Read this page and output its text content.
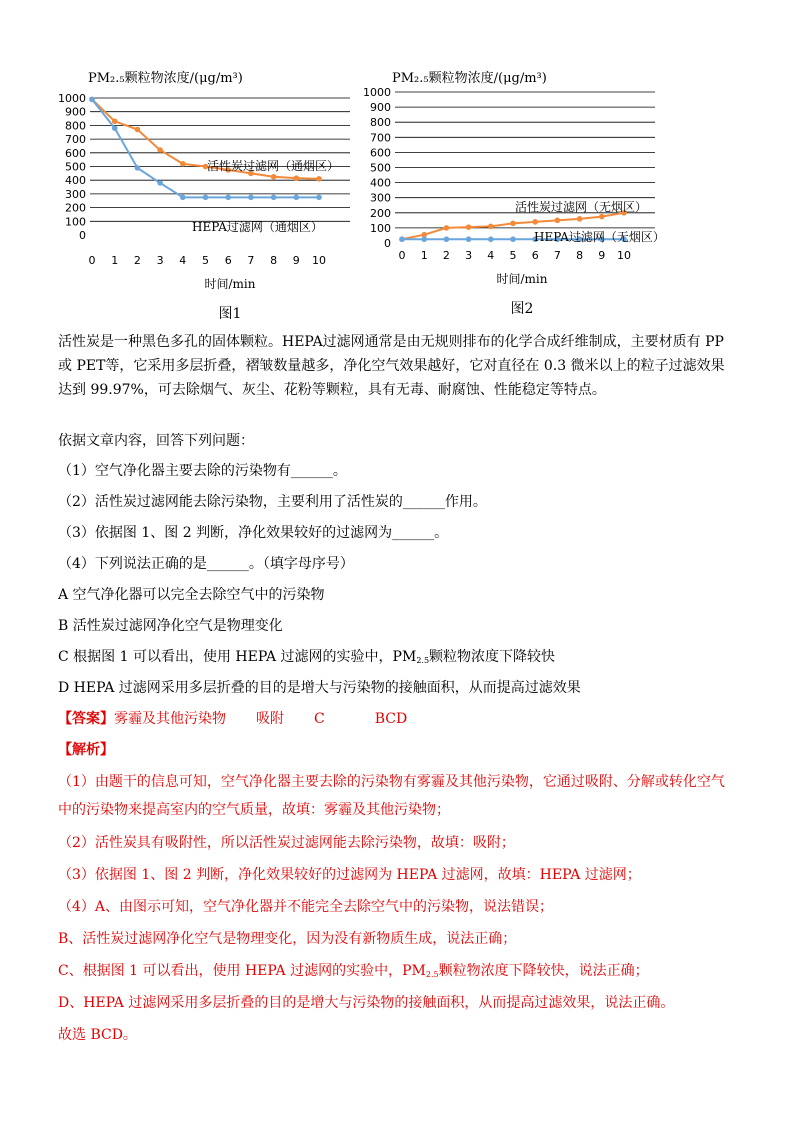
PM₂.₅颗粒物浓度/(μg/m³)
0
100
200
300
400
500
600
700
800
900
1000
0 1 2 3 4 5 6 7 8 9 10
时间/min
图1
活性炭过滤网（通烟区）
HEPA过滤网（通烟区）
PM₂.₅颗粒物浓度/(μg/m³)
0
100
200
300
400
500
600
700
800
900
1000
0 1 2 3 4 5 6 7 8 9 10
时间/min
图2
活性炭过滤网（无烟区）
HEPA过滤网（无烟区）
活性炭是一种黑色多孔的固体颗粒。HEPA过滤网通常是由无规则排布的化学合成纤维制成，主要材质有 PP 或 PET等，它采用多层折叠，褶皱数量越多，净化空气效果越好，它对直径在 0.3 微米以上的粒子过滤效果达到 99.97%，可去除烟气、灰尘、花粉等颗粒，具有无毒、耐腐蚀、性能稳定等特点。
依据文章内容，回答下列问题：
（1）空气净化器主要去除的污染物有______。
（2）活性炭过滤网能去除污染物，主要利用了活性炭的______作用。
（3）依据图 1、图 2 判断，净化效果较好的过滤网为______。
（4）下列说法正确的是______。（填字母序号）
A 空气净化器可以完全去除空气中的污染物
B 活性炭过滤网净化空气是物理变化
C 根据图 1 可以看出，使用 HEPA 过滤网的实验中，$PM_{2.5}$颗粒物浓度下降较快
D HEPA 过滤网采用多层折叠的目的是增大与污染物的接触面积，从而提高过滤效果
【答案】雾霾及其他污染物 吸附 C	BCD
【解析】
（1）由题干的信息可知，空气净化器主要去除的污染物有雾霾及其他污染物，它通过吸附、分解或转化空气中的污染物来提高室内的空气质量，故填：雾霾及其他污染物；
（2）活性炭具有吸附性，所以活性炭过滤网能去除污染物，故填：吸附；
（3）依据图 1、图 2 判断，净化效果较好的过滤网为 HEPA 过滤网，故填：HEPA 过滤网；
（4）A、由图示可知，空气净化器并不能完全去除空气中的污染物，说法错误；
B、活性炭过滤网净化空气是物理变化，因为没有新物质生成，说法正确；
C、根据图 1 可以看出，使用 HEPA 过滤网的实验中，$PM_{2.5}$颗粒物浓度下降较快，说法正确；
D、HEPA 过滤网采用多层折叠的目的是增大与污染物的接触面积，从而提高过滤效果，说法正确。
故选 BCD。
